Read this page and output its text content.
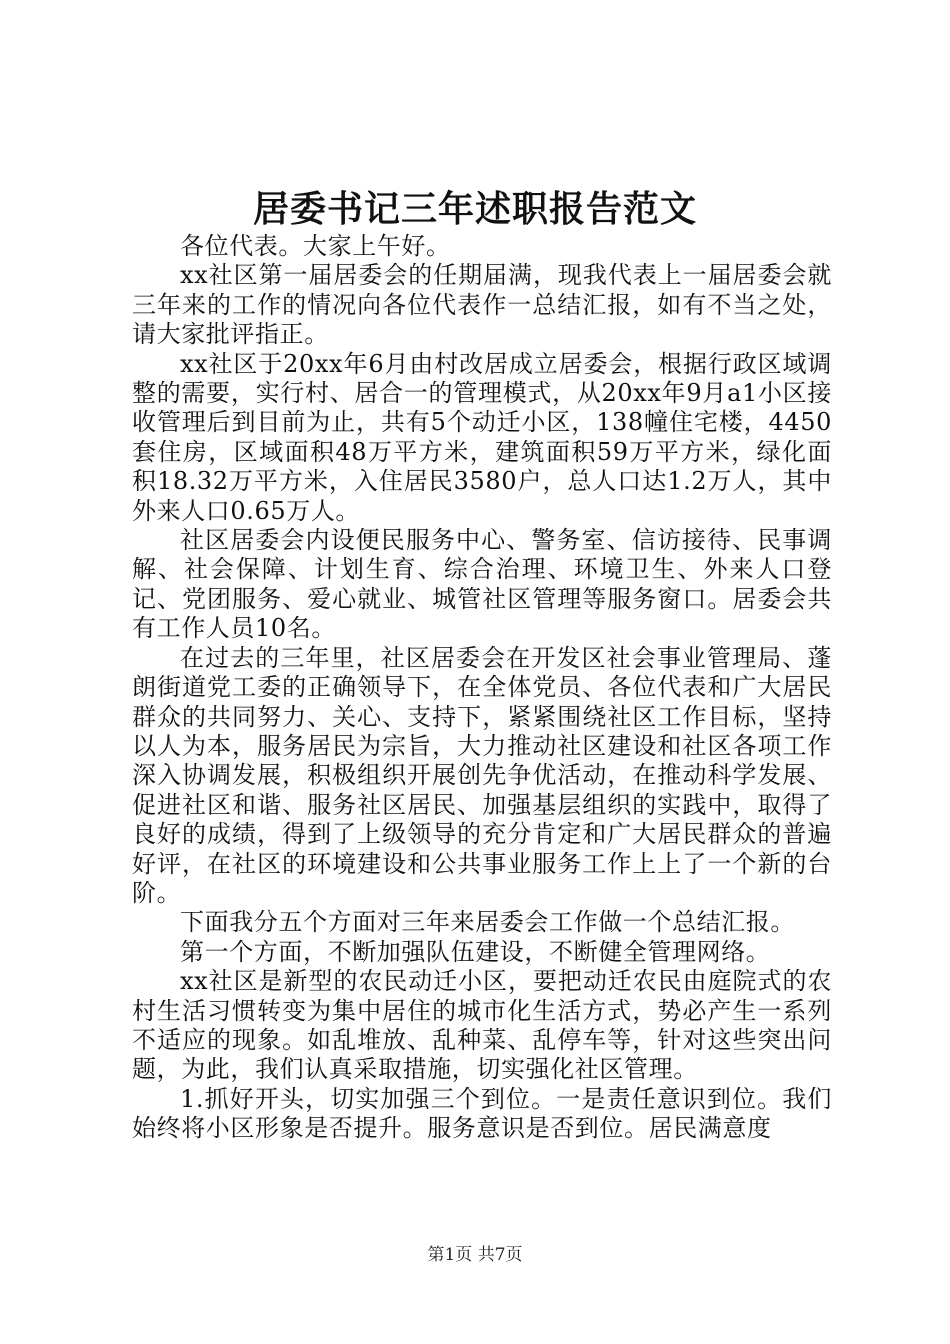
居委书记三年述职报告范文

各位代表。大家上午好。

xx社区第一届居委会的任期届满，现我代表上一届居委会就三年来的工作的情况向各位代表作一总结汇报，如有不当之处，请大家批评指正。

xx社区于20xx年6月由村改居成立居委会，根据行政区域调整的需要，实行村、居合一的管理模式，从20xx年9月a1小区接收管理后到目前为止，共有5个动迁小区，138幢住宅楼，4450套住房，区域面积48万平方米，建筑面积59万平方米，绿化面积18.32万平方米，入住居民3580户，总人口达1.2万人，其中外来人口0.65万人。

社区居委会内设便民服务中心、警务室、信访接待、民事调解、社会保障、计划生育、综合治理、环境卫生、外来人口登记、党团服务、爱心就业、城管社区管理等服务窗口。居委会共有工作人员10名。

在过去的三年里，社区居委会在开发区社会事业管理局、蓬朗街道党工委的正确领导下，在全体党员、各位代表和广大居民群众的共同努力、关心、支持下，紧紧围绕社区工作目标，坚持以人为本，服务居民为宗旨，大力推动社区建设和社区各项工作深入协调发展，积极组织开展创先争优活动，在推动科学发展、促进社区和谐、服务社区居民、加强基层组织的实践中，取得了良好的成绩，得到了上级领导的充分肯定和广大居民群众的普遍好评，在社区的环境建设和公共事业服务工作上上了一个新的台阶。

下面我分五个方面对三年来居委会工作做一个总结汇报。

第一个方面，不断加强队伍建设，不断健全管理网络。

xx社区是新型的农民动迁小区，要把动迁农民由庭院式的农村生活习惯转变为集中居住的城市化生活方式，势必产生一系列不适应的现象。如乱堆放、乱种菜、乱停车等，针对这些突出问题，为此，我们认真采取措施，切实强化社区管理。

1.抓好开头，切实加强三个到位。一是责任意识到位。我们始终将小区形象是否提升。服务意识是否到位。居民满意度

第1页 共7页
